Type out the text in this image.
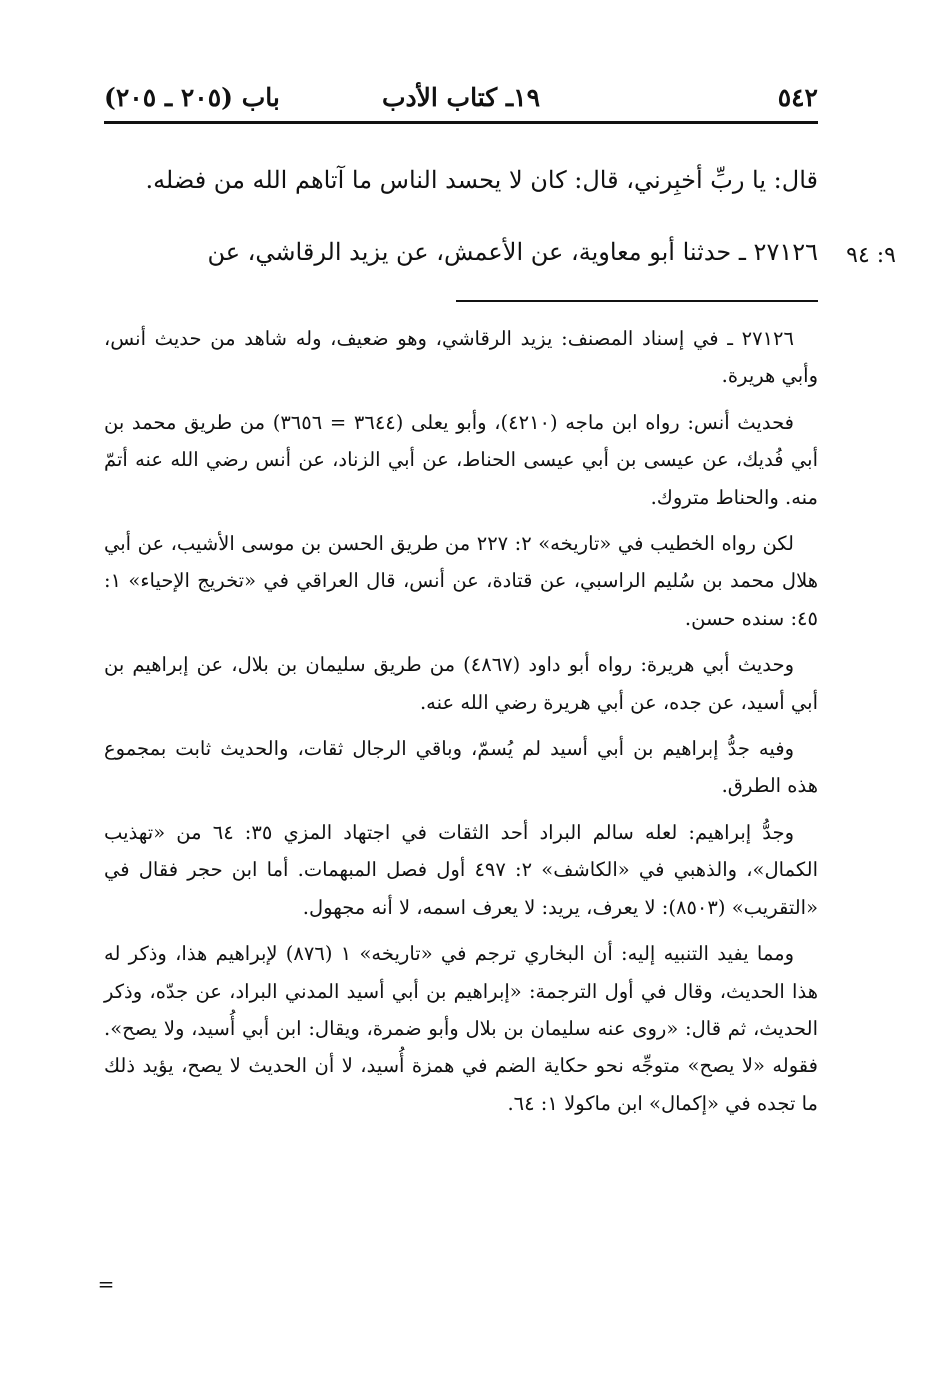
٥٤٢
١٩ـ كتاب الأدب
باب (٢٠٥ ـ ٢٠٥)
قال: يا ربِّ أخبِرني، قال: كان لا يحسد الناس ما آتاهم الله من فضله.
٢٧١٢٦ ـ حدثنا أبو معاوية، عن الأعمش، عن يزيد الرقاشي، عن	٩: ٩٤

٢٧١٢٦ ـ في إسناد المصنف: يزيد الرقاشي، وهو ضعيف، وله شاهد من حديث أنس، وأبي هريرة.

فحديث أنس: رواه ابن ماجه (٤٢١٠)، وأبو يعلى (٣٦٤٤ = ٣٦٥٦) من طريق محمد بن أبي فُديك، عن عيسى بن أبي عيسى الحناط، عن أبي الزناد، عن أنس رضي الله عنه أتمّ منه. والحناط متروك.

لكن رواه الخطيب في «تاريخه» ٢: ٢٢٧ من طريق الحسن بن موسى الأشيب، عن أبي هلال محمد بن سُليم الراسبي، عن قتادة، عن أنس، قال العراقي في «تخريج الإحياء» ١: ٤٥: سنده حسن.

وحديث أبي هريرة: رواه أبو داود (٤٨٦٧) من طريق سليمان بن بلال، عن إبراهيم بن أبي أسيد، عن جده، عن أبي هريرة رضي الله عنه.

وفيه جدُّ إبراهيم بن أبي أسيد لم يُسمّ، وباقي الرجال ثقات، والحديث ثابت بمجموع هذه الطرق.

وجدُّ إبراهيم: لعله سالم البراد أحد الثقات في اجتهاد المزي ٣٥: ٦٤ من «تهذيب الكمال»، والذهبي في «الكاشف» ٢: ٤٩٧ أول فصل المبهمات. أما ابن حجر فقال في «التقريب» (٨٥٠٣): لا يعرف، يريد: لا يعرف اسمه، لا أنه مجهول.

ومما يفيد التنبيه إليه: أن البخاري ترجم في «تاريخه» ١ (٨٧٦) لإبراهيم هذا، وذكر له هذا الحديث، وقال في أول الترجمة: «إبراهيم بن أبي أسيد المدني البراد، عن جدّه، وذكر الحديث، ثم قال: «روى عنه سليمان بن بلال وأبو ضمرة، ويقال: ابن أبي أُسيد، ولا يصح». فقوله «لا يصح» متوجِّه نحو حكاية الضم في همزة أُسيد، لا أن الحديث لا يصح، يؤيد ذلك ما تجده في «إكمال» ابن ماكولا ١: ٦٤.

=
